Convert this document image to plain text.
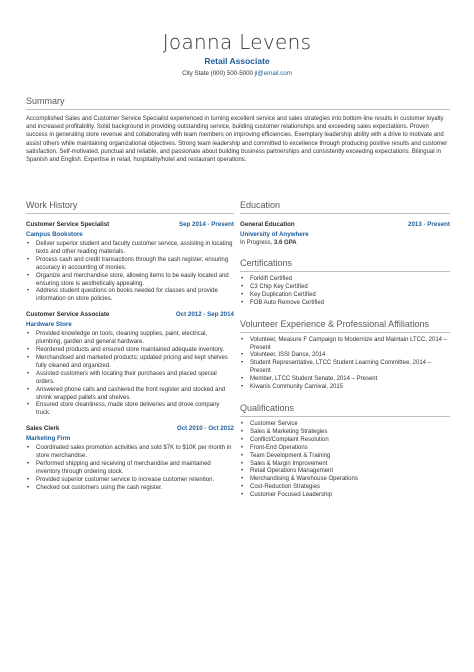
Joanna Levens
Retail Associate
City State (000) 500-5000 jl@email.com
Summary

Accomplished Sales and Customer Service Specialist experienced in turning excellent service and sales strategies into bottom-line results in customer loyalty and increased profitability. Solid background in providing outstanding service, building customer relationships and exceeding sales expectations. Proven success in generating store revenue and collaborating with team members on improving efficiencies. Exemplary leadership ability with a drive to motivate and assist others while maintaining organizational objectives. Strong team leadership and committed to excellence through producing positive results and customer satisfaction. Self-motivated, punctual and reliable, and passionate about building business partnerships and consistently exceeding expectations. Bilingual in Spanish and English. Expertise in retail, hospitality/hotel and restaurant operations.

Work History
Customer Service Specialist	Sep 2014 - Present
Campus Bookstore
• Deliver superior student and faculty customer service, assisting in locating texts and other reading materials.
• Process cash and credit transactions through the cash register, ensuring accuracy in accounting of monies.
• Organize and merchandise store, allowing items to be easily located and ensuring store is aesthetically appealing.
• Address student questions on books needed for classes and provide information on store policies.
Customer Service Associate	Oct 2012 - Sep 2014
Hardware Store
• Provided knowledge on tools, cleaning supplies, paint, electrical, plumbing, garden and general hardware.
• Reordered products and ensured store maintained adequate inventory.
• Merchandised and marketed products; updated pricing and kept shelves fully cleaned and organized.
• Assisted customers with locating their purchases and placed special orders.
• Answered phone calls and cashiered the front register and stocked and shrink wrapped pallets and shelves.
• Ensured store cleanliness, made store deliveries and drove company truck.
Sales Clerk	Oct 2010 - Oct 2012
Marketing Firm
• Coordinated sales promotion activities and sold $7K to $10K per month in store merchandise.
• Performed shipping and receiving of merchandise and maintained inventory through ordering stock.
• Provided superior customer service to increase customer retention.
• Checked out customers using the cash register.
Education
General Education	2013 - Present
University of Anywhere
In Progress, 3.6 GPA
Certifications
• Forklift Certified
• C3 Chip Key Certified
• Key Duplication Certified
• FOB Auto Remove Certified
Volunteer Experience & Professional Affiliations
• Volunteer, Measure F Campaign to Modernize and Maintain LTCC, 2014 – Present
• Volunteer, ISSI Dance, 2014
• Student Representative, LTCC Student Learning Committee, 2014 – Present
• Member, LTCC Student Senate, 2014 – Present
• Kiwanis Community Carnival, 2015
Qualifications
• Customer Service
• Sales & Marketing Strategies
• Conflict/Complaint Resolution
• Front-End Operations
• Team Development & Training
• Sales & Margin Improvement
• Retail Operations Management
• Merchandising & Warehouse Operations
• Cost-Reduction Strategies
• Customer Focused Leadership
